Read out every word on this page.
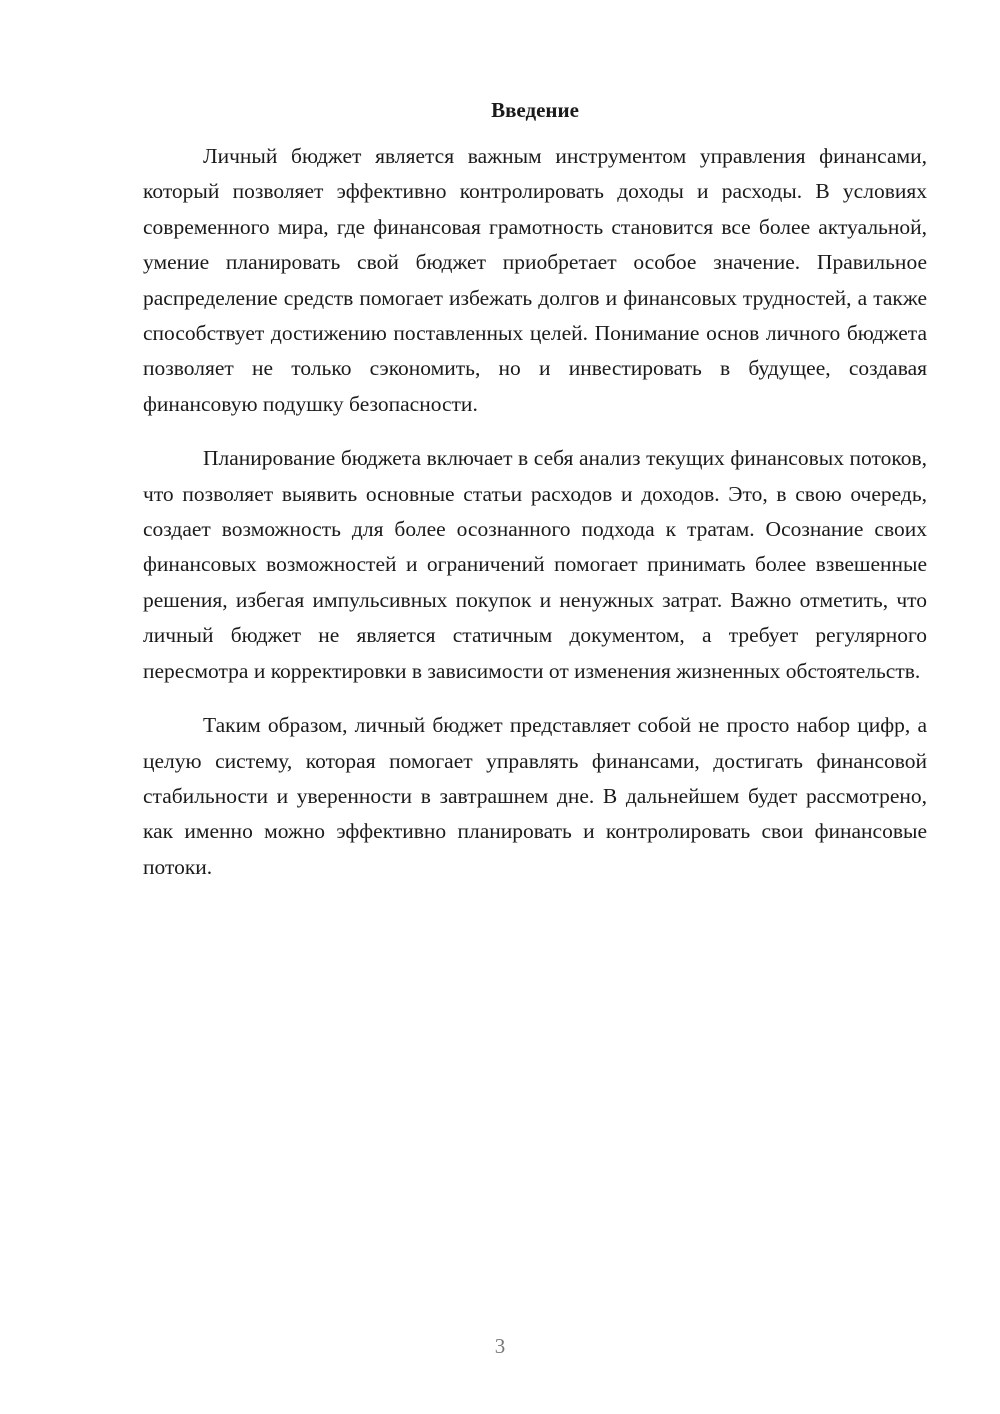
Введение

Личный бюджет является важным инструментом управления финансами, который позволяет эффективно контролировать доходы и расходы. В условиях современного мира, где финансовая грамотность становится все более актуальной, умение планировать свой бюджет приобретает особое значение. Правильное распределение средств помогает избежать долгов и финансовых трудностей, а также способствует достижению поставленных целей. Понимание основ личного бюджета позволяет не только сэкономить, но и инвестировать в будущее, создавая финансовую подушку безопасности.

Планирование бюджета включает в себя анализ текущих финансовых потоков, что позволяет выявить основные статьи расходов и доходов. Это, в свою очередь, создает возможность для более осознанного подхода к тратам. Осознание своих финансовых возможностей и ограничений помогает принимать более взвешенные решения, избегая импульсивных покупок и ненужных затрат. Важно отметить, что личный бюджет не является статичным документом, а требует регулярного пересмотра и корректировки в зависимости от изменения жизненных обстоятельств.

Таким образом, личный бюджет представляет собой не просто набор цифр, а целую систему, которая помогает управлять финансами, достигать финансовой стабильности и уверенности в завтрашнем дне. В дальнейшем будет рассмотрено, как именно можно эффективно планировать и контролировать свои финансовые потоки.

3
